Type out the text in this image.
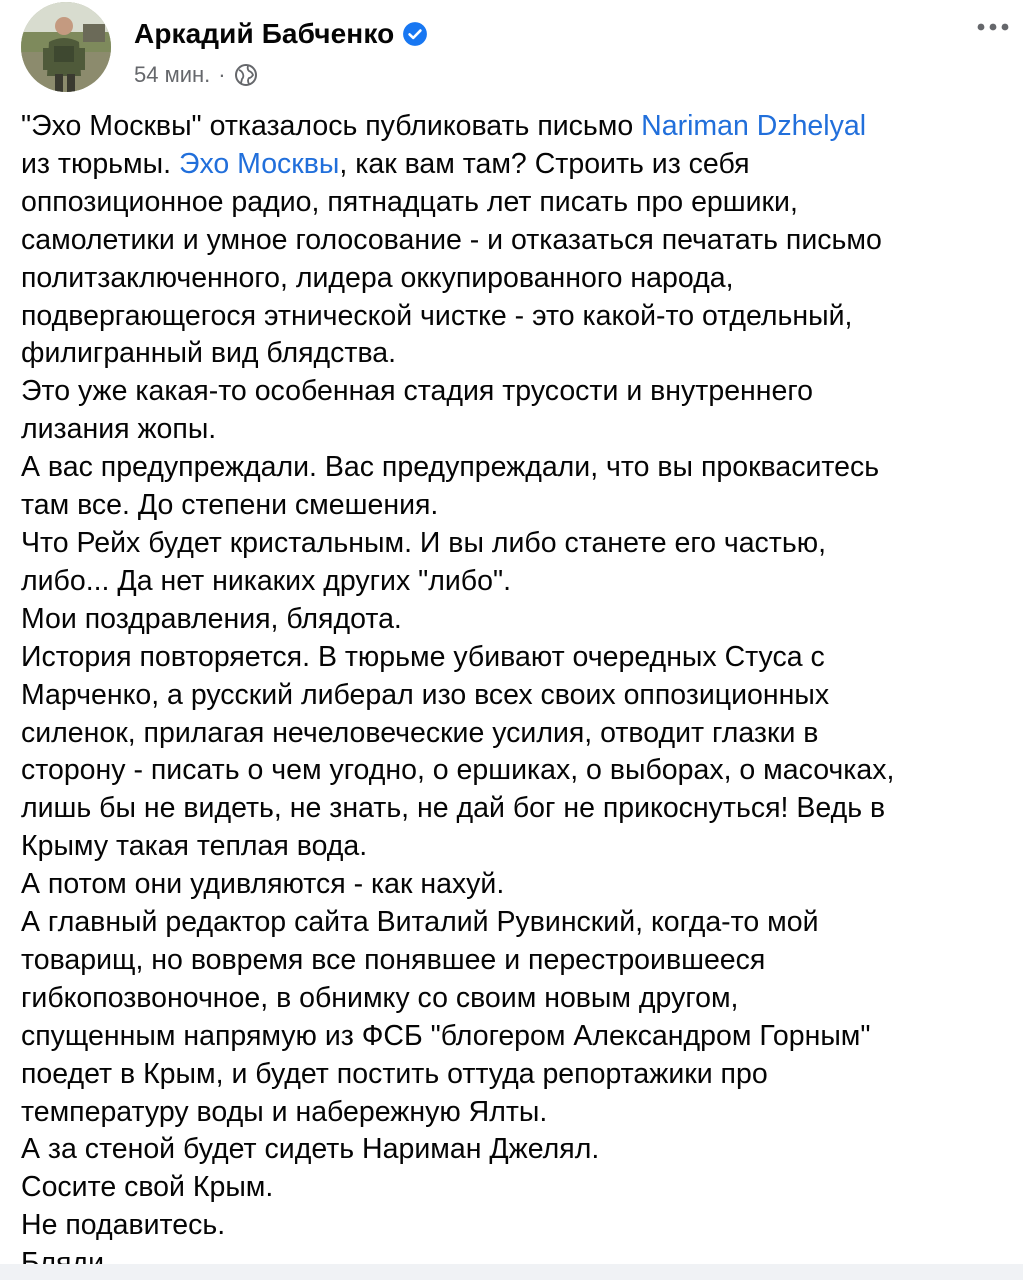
Аркадий Бабченко
54 мин. ·
"Эхо Москвы" отказалось публиковать письмо Nariman Dzhelyal
из тюрьмы. Эхо Москвы, как вам там? Строить из себя
оппозиционное радио, пятнадцать лет писать про ершики,
самолетики и умное голосование - и отказаться печатать письмо
политзаключенного, лидера оккупированного народа,
подвергающегося этнической чистке - это какой-то отдельный,
филигранный вид блядства.
Это уже какая-то особенная стадия трусости и внутреннего
лизания жопы.
А вас предупреждали. Вас предупреждали, что вы прокваситесь
там все. До степени смешения.
Что Рейх будет кристальным. И вы либо станете его частью,
либо... Да нет никаких других "либо".
Мои поздравления, блядота.
История повторяется. В тюрьме убивают очередных Стуса с
Марченко, а русский либерал изо всех своих оппозиционных
силенок, прилагая нечеловеческие усилия, отводит глазки в
сторону - писать о чем угодно, о ершиках, о выборах, о масочках,
лишь бы не видеть, не знать, не дай бог не прикоснуться! Ведь в
Крыму такая теплая вода.
А потом они удивляются - как нахуй.
А главный редактор сайта Виталий Рувинский, когда-то мой
товарищ, но вовремя все понявшее и перестроившееся
гибкопозвоночное, в обнимку со своим новым другом,
спущенным напрямую из ФСБ "блогером Александром Горным"
поедет в Крым, и будет постить оттуда репортажики про
температуру воды и набережную Ялты.
А за стеной будет сидеть Нариман Джелял.
Сосите свой Крым.
Не подавитесь.
